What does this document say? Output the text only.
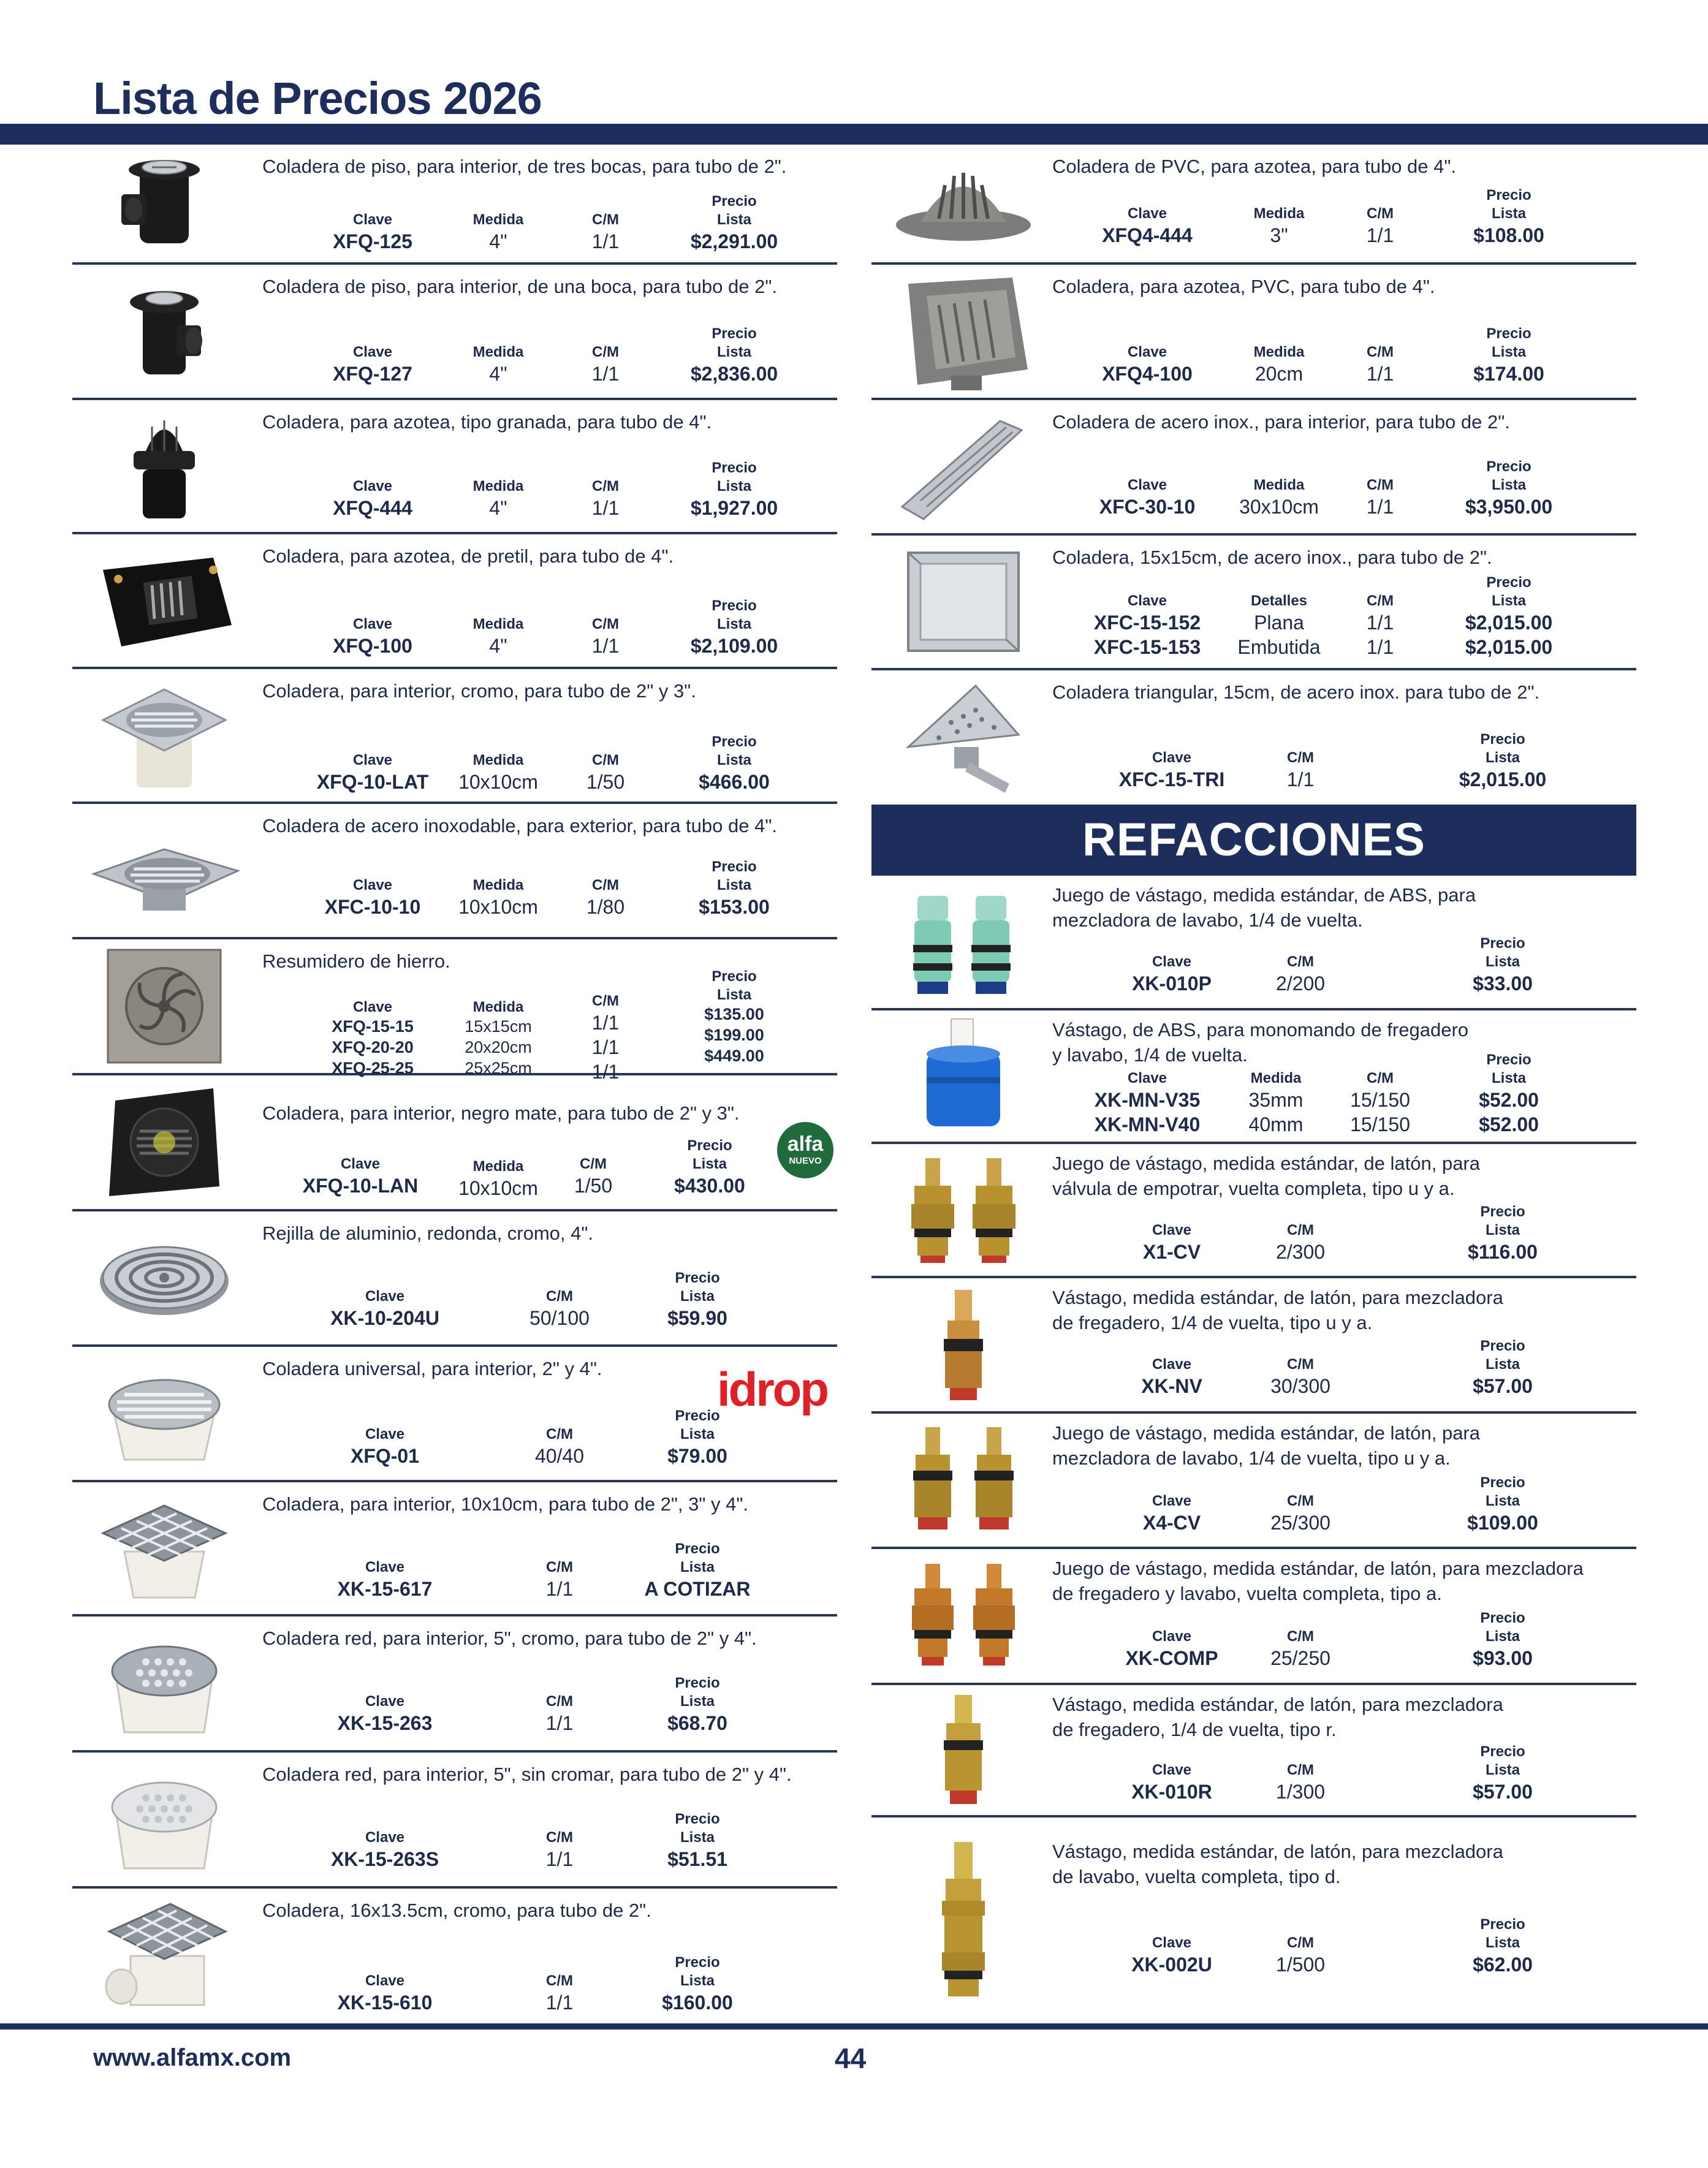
Lista de Precios 2026
Coladera de piso, para interior, de tres bocas, para tubo de 2".
Clave
XFQ-125
Medida
4"
C/M
1/1
Precio
Lista
$2,291.00
Coladera de piso, para interior, de una boca, para tubo de 2".
Clave
XFQ-127
Medida
4"
C/M
1/1
Precio
Lista
$2,836.00
Coladera, para azotea, tipo granada, para tubo de 4".
Clave
XFQ-444
Medida
4"
C/M
1/1
Precio
Lista
$1,927.00
Coladera, para azotea, de pretil, para tubo de 4".
Clave
XFQ-100
Medida
4"
C/M
1/1
Precio
Lista
$2,109.00
Coladera, para interior, cromo, para tubo de 2" y 3".
Clave
XFQ-10-LAT
Medida
10x10cm
C/M
1/50
Precio
Lista
$466.00
Coladera de acero inoxodable, para exterior, para tubo de 4".
Clave
XFC-10-10
Medida
10x10cm
C/M
1/80
Precio
Lista
$153.00
Resumidero de hierro.
Clave
XFQ-15-15
XFQ-20-20
XFQ-25-25
Medida
15x15cm
20x20cm
25x25cm
C/M
1/1
1/1
1/1
Precio
Lista
$135.00
$199.00
$449.00
Coladera, para interior, negro mate, para tubo de 2" y 3".
alfa
NUEVO
Clave
XFQ-10-LAN
Medida
10x10cm
C/M
1/50
Precio
Lista
$430.00
Rejilla de aluminio, redonda, cromo, 4".
Clave
XK-10-204U
C/M
50/100
Precio
Lista
$59.90
Coladera universal, para interior, 2" y 4".	idrop
Clave
XFQ-01
C/M
40/40
Precio
Lista
$79.00
Coladera, para interior, 10x10cm, para tubo de 2", 3" y 4".
Clave
XK-15-617
C/M
1/1
Precio
Lista
A COTIZAR
Coladera red, para interior, 5", cromo, para tubo de 2" y 4".
Clave
XK-15-263
C/M
1/1
Precio
Lista
$68.70
Coladera red, para interior, 5", sin cromar, para tubo de 2" y 4".
Clave
XK-15-263S
C/M
1/1
Precio
Lista
$51.51
Coladera, 16x13.5cm, cromo, para tubo de 2".
Clave
XK-15-610
C/M
1/1
Precio
Lista
$160.00
Coladera de PVC, para azotea, para tubo de 4".
Clave
XFQ4-444
Medida
3"
C/M
1/1
Precio
Lista
$108.00
Coladera, para azotea, PVC, para tubo de 4".
Clave
XFQ4-100
Medida
20cm
C/M
1/1
Precio
Lista
$174.00
Coladera de acero inox., para interior, para tubo de 2".
Clave
XFC-30-10
Medida
30x10cm
C/M
1/1
Precio
Lista
$3,950.00
Coladera, 15x15cm, de acero inox., para tubo de 2".
Clave
XFC-15-152
XFC-15-153
Detalles
Plana
Embutida
C/M
1/1
1/1
Precio
Lista
$2,015.00
$2,015.00
Coladera triangular, 15cm, de acero inox. para tubo de 2".
Clave
XFC-15-TRI
C/M
1/1
Precio
Lista
$2,015.00
REFACCIONES
Juego de vástago, medida estándar, de ABS, para
mezcladora de lavabo, 1/4 de vuelta.
Clave
XK-010P
C/M
2/200
Precio
Lista
$33.00
Vástago, de ABS, para monomando de fregadero
y lavabo, 1/4 de vuelta.
Clave
XK-MN-V35
XK-MN-V40
Medida
35mm
40mm
C/M
15/150
15/150
Precio
Lista
$52.00
$52.00
Juego de vástago, medida estándar, de latón, para
válvula de empotrar, vuelta completa, tipo u y a.
Clave
X1-CV
C/M
2/300
Precio
Lista
$116.00
Vástago, medida estándar, de latón, para mezcladora
de fregadero, 1/4 de vuelta, tipo u y a.
Clave
XK-NV
C/M
30/300
Precio
Lista
$57.00
Juego de vástago, medida estándar, de latón, para
mezcladora de lavabo, 1/4 de vuelta, tipo u y a.
Clave
X4-CV
C/M
25/300
Precio
Lista
$109.00
Juego de vástago, medida estándar, de latón, para mezcladora
de fregadero y lavabo, vuelta completa, tipo a.
Clave
XK-COMP
C/M
25/250
Precio
Lista
$93.00
Vástago, medida estándar, de latón, para mezcladora
de fregadero, 1/4 de vuelta, tipo r.
Clave
XK-010R
C/M
1/300
Precio
Lista
$57.00
Vástago, medida estándar, de latón, para mezcladora
de lavabo, vuelta completa, tipo d.
Clave
XK-002U
C/M
1/500
Precio
Lista
$62.00
www.alfamx.com	44
